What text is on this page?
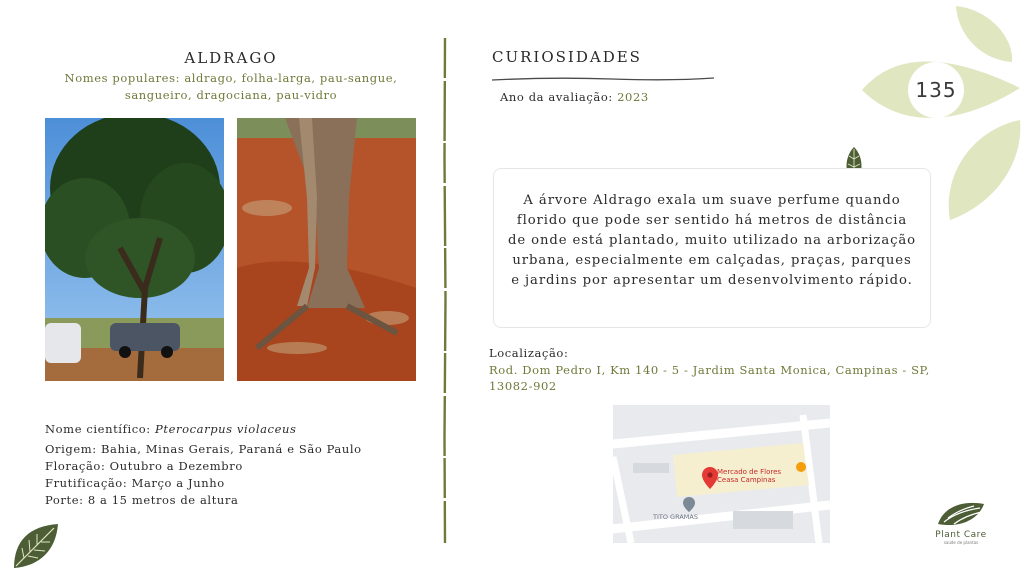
ALDRAGO
Nomes populares: aldrago, folha-larga, pau-sangue, sangueiro, dragociana, pau-vidro

Nome científico: Pterocarpus violaceus

Origem: Bahia, Minas Gerais, Paraná e São Paulo

Floração: Outubro a Dezembro

Frutificação: Março a Junho

Porte: 8 a 15 metros de altura

CURIOSIDADES
Ano da avaliação: 2023	135

A árvore Aldrago exala um suave perfume quando florido que pode ser sentido há metros de distância de onde está plantado, muito utilizado na arborização urbana, especialmente em calçadas, praças, parques e jardins por apresentar um desenvolvimento rápido.

Localização:
Rod. Dom Pedro I, Km 140 - 5 - Jardim Santa Monica, Campinas - SP, 13082-902
Mercado de Flores Ceasa Campinas
TITO GRAMAS
Plant Care
saúde de plantas
